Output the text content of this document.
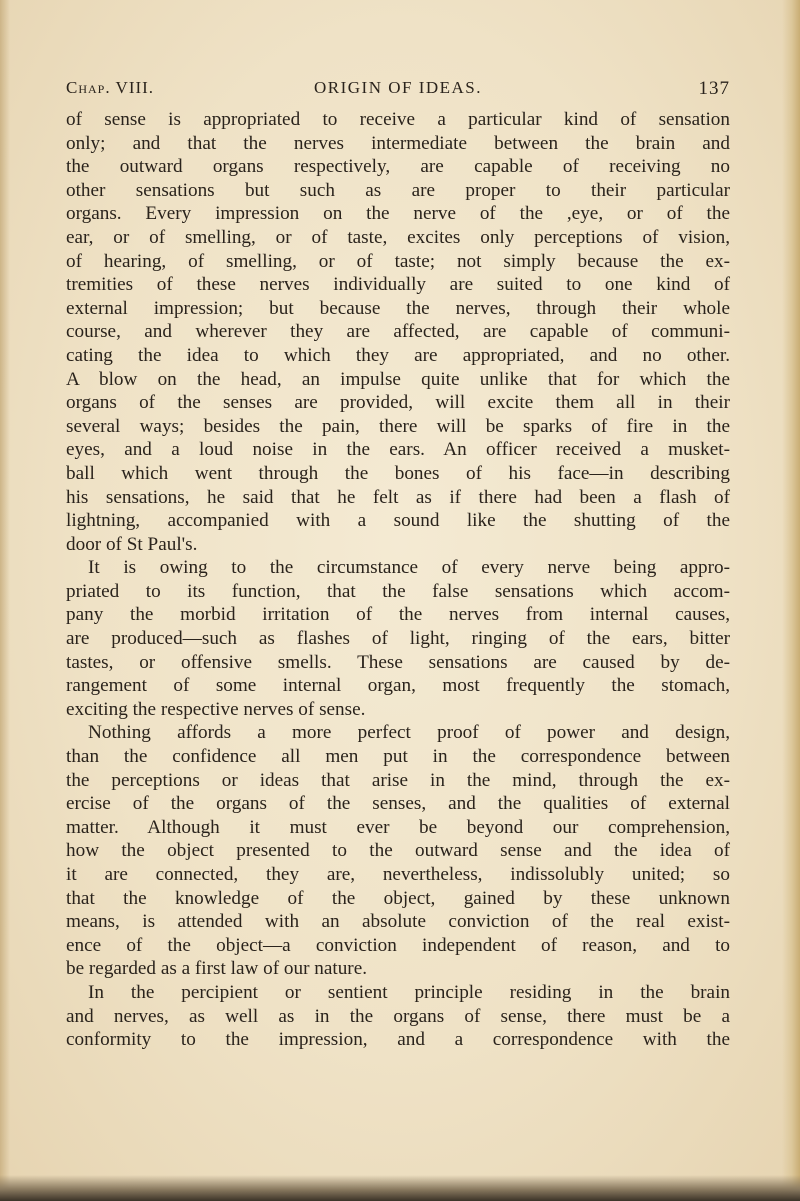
Chap. VIII.	ORIGIN OF IDEAS.	137
of sense is appropriated to receive a particular kind of sensation
only; and that the nerves intermediate between the brain and
the outward organs respectively, are capable of receiving no
other sensations but such as are proper to their particular
organs. Every impression on the nerve of the ,eye, or of the
ear, or of smelling, or of taste, excites only perceptions of vision,
of hearing, of smelling, or of taste; not simply because the ex-
tremities of these nerves individually are suited to one kind of
external impression; but because the nerves, through their whole
course, and wherever they are affected, are capable of communi-
cating the idea to which they are appropriated, and no other.
A blow on the head, an impulse quite unlike that for which the
organs of the senses are provided, will excite them all in their
several ways; besides the pain, there will be sparks of fire in the
eyes, and a loud noise in the ears. An officer received a musket-
ball which went through the bones of his face—in describing
his sensations, he said that he felt as if there had been a flash of
lightning, accompanied with a sound like the shutting of the
door of St Paul's.
It is owing to the circumstance of every nerve being appro-
priated to its function, that the false sensations which accom-
pany the morbid irritation of the nerves from internal causes,
are produced—such as flashes of light, ringing of the ears, bitter
tastes, or offensive smells. These sensations are caused by de-
rangement of some internal organ, most frequently the stomach,
exciting the respective nerves of sense.
Nothing affords a more perfect proof of power and design,
than the confidence all men put in the correspondence between
the perceptions or ideas that arise in the mind, through the ex-
ercise of the organs of the senses, and the qualities of external
matter. Although it must ever be beyond our comprehension,
how the object presented to the outward sense and the idea of
it are connected, they are, nevertheless, indissolubly united; so
that the knowledge of the object, gained by these unknown
means, is attended with an absolute conviction of the real exist-
ence of the object—a conviction independent of reason, and to
be regarded as a first law of our nature.
In the percipient or sentient principle residing in the brain
and nerves, as well as in the organs of sense, there must be a
conformity to the impression, and a correspondence with the
